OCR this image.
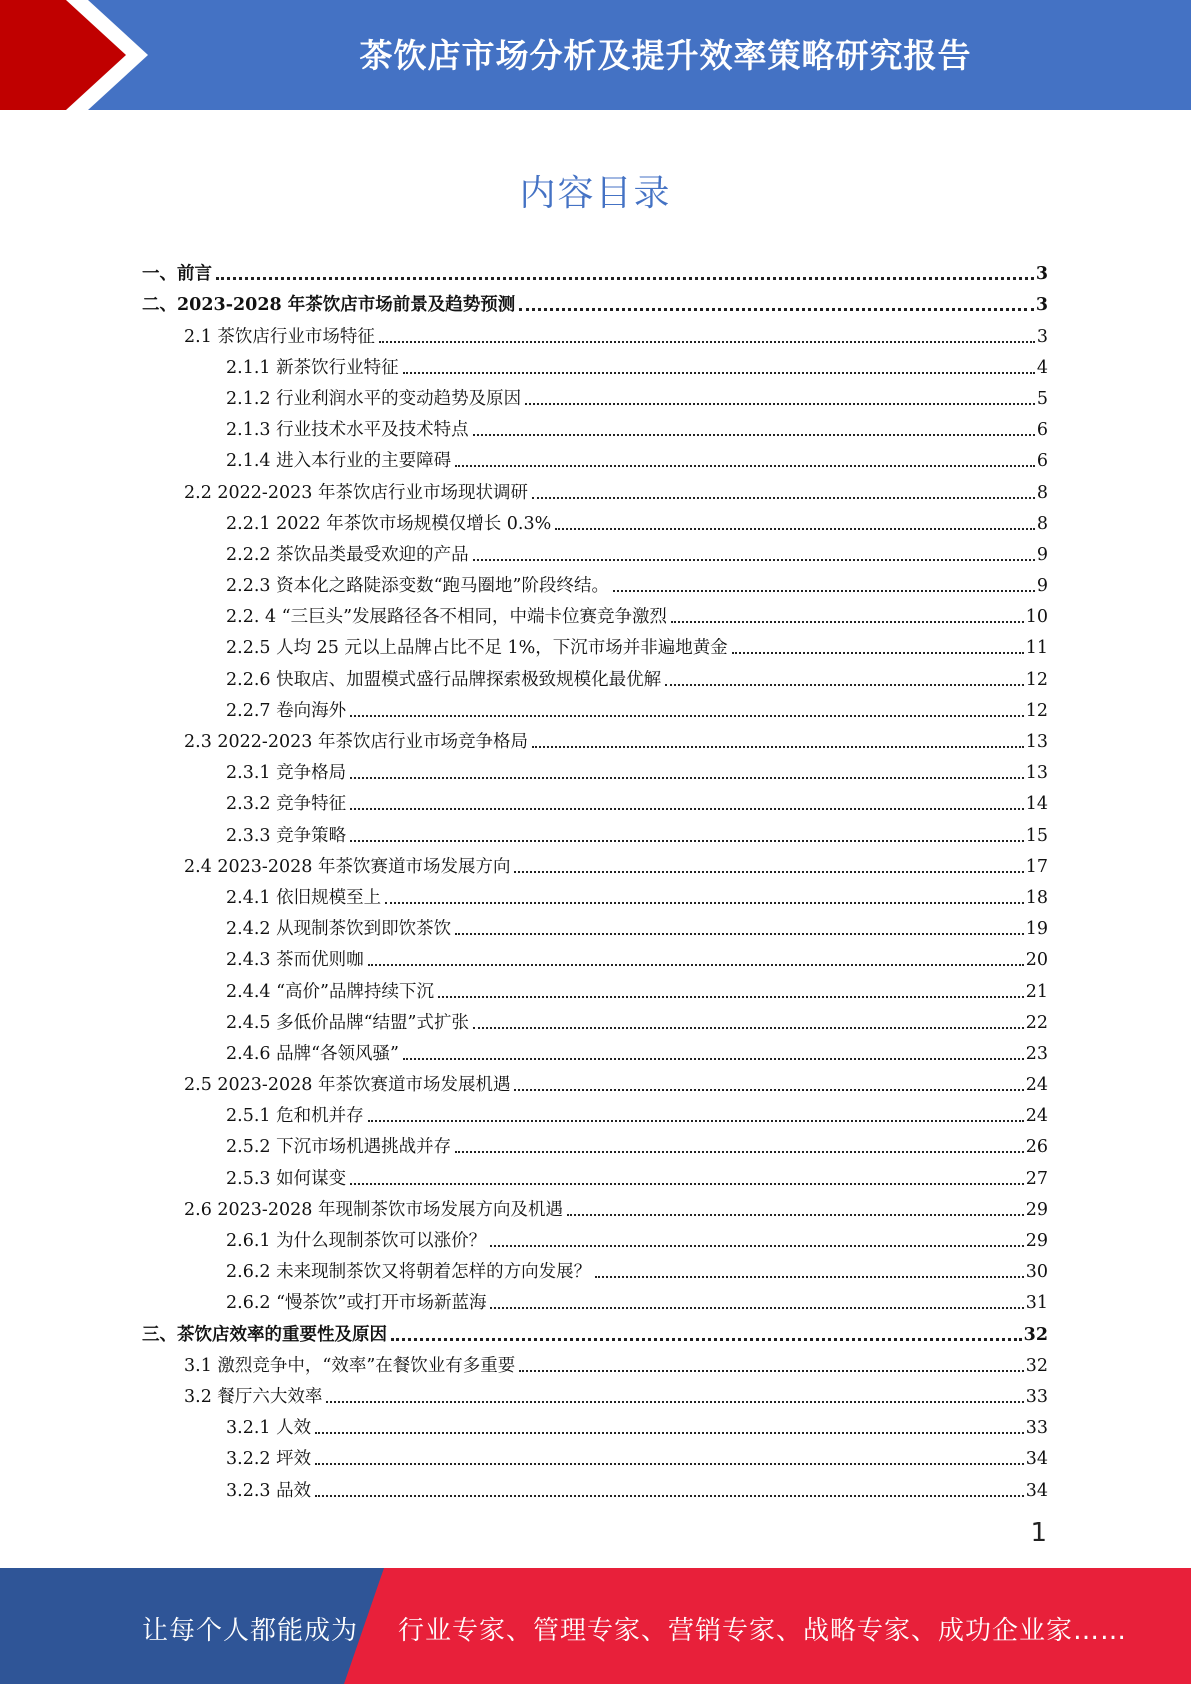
茶饮店市场分析及提升效率策略研究报告
内容目录
一、前言	3
二、2023-2028 年茶饮店市场前景及趋势预测	3
2.1 茶饮店行业市场特征	3
2.1.1 新茶饮行业特征	4
2.1.2 行业利润水平的变动趋势及原因	5
2.1.3 行业技术水平及技术特点	6
2.1.4 进入本行业的主要障碍	6
2.2 2022-2023 年茶饮店行业市场现状调研	8
2.2.1 2022 年茶饮市场规模仅增长 0.3%	8
2.2.2 茶饮品类最受欢迎的产品	9
2.2.3 资本化之路陡添变数“跑马圈地”阶段终结。	9
2.2. 4 “三巨头”发展路径各不相同，中端卡位赛竞争激烈	10
2.2.5 人均 25 元以上品牌占比不足 1%，下沉市场并非遍地黄金	11
2.2.6 快取店、加盟模式盛行品牌探索极致规模化最优解	12
2.2.7 卷向海外	12
2.3 2022-2023 年茶饮店行业市场竞争格局	13
2.3.1 竞争格局	13
2.3.2 竞争特征	14
2.3.3 竞争策略	15
2.4 2023-2028 年茶饮赛道市场发展方向	17
2.4.1 依旧规模至上	18
2.4.2 从现制茶饮到即饮茶饮	19
2.4.3 茶而优则咖	20
2.4.4 “高价”品牌持续下沉	21
2.4.5 多低价品牌“结盟”式扩张	22
2.4.6 品牌“各领风骚”	23
2.5 2023-2028 年茶饮赛道市场发展机遇	24
2.5.1 危和机并存	24
2.5.2 下沉市场机遇挑战并存	26
2.5.3 如何谋变	27
2.6 2023-2028 年现制茶饮市场发展方向及机遇	29
2.6.1 为什么现制茶饮可以涨价？	29
2.6.2 未来现制茶饮又将朝着怎样的方向发展？	30
2.6.2 “慢茶饮”或打开市场新蓝海	31
三、茶饮店效率的重要性及原因	32
3.1 激烈竞争中，“效率”在餐饮业有多重要	32
3.2 餐厅六大效率	33
3.2.1 人效	33
3.2.2 坪效	34
3.2.3 品效	34
1
让每个人都能成为 行业专家、管理专家、营销专家、战略专家、成功企业家……
